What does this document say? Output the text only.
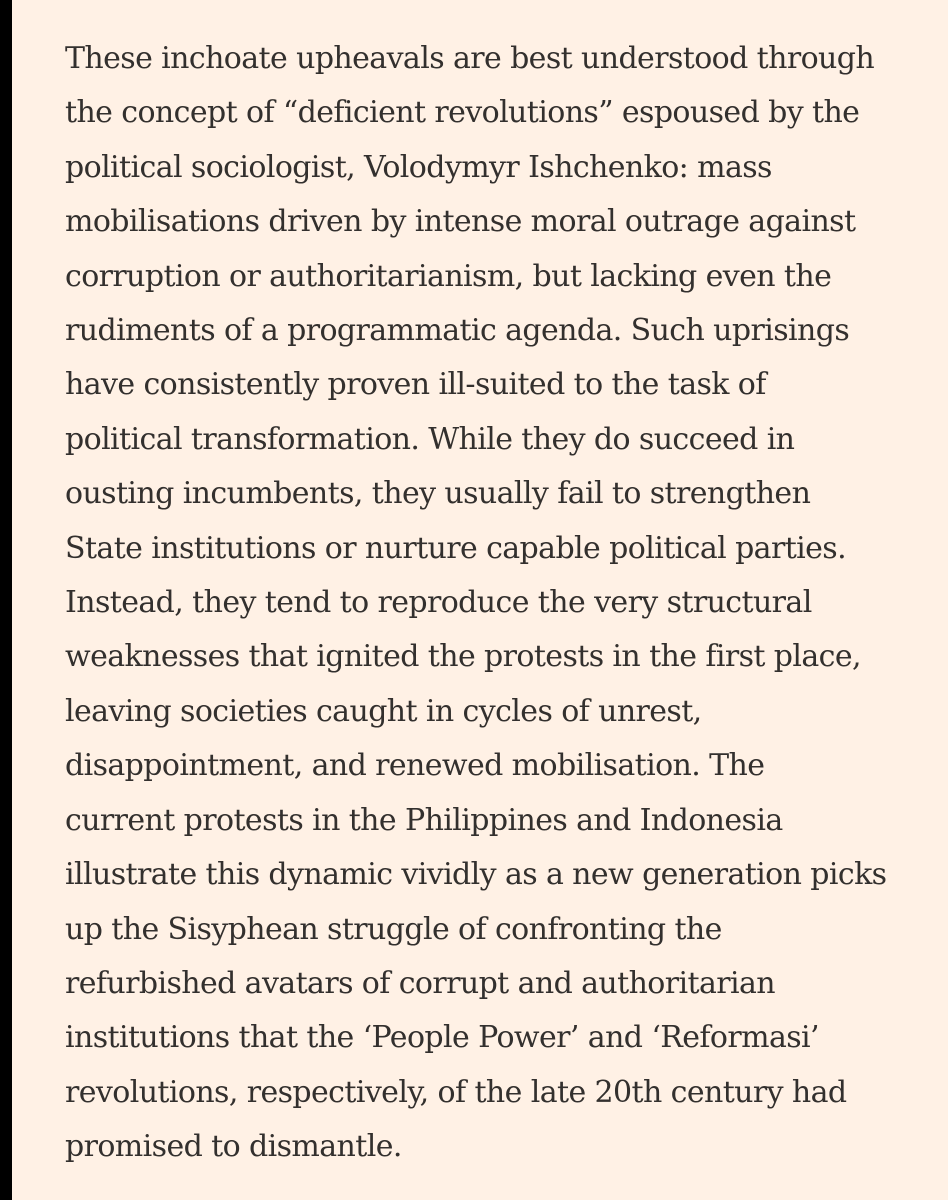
These inchoate upheavals are best understood through
the concept of “deficient revolutions” espoused by the
political sociologist, Volodymyr Ishchenko: mass
mobilisations driven by intense moral outrage against
corruption or authoritarianism, but lacking even the
rudiments of a programmatic agenda. Such uprisings
have consistently proven ill-suited to the task of
political transformation. While they do succeed in
ousting incumbents, they usually fail to strengthen
State institutions or nurture capable political parties.
Instead, they tend to reproduce the very structural
weaknesses that ignited the protests in the first place,
leaving societies caught in cycles of unrest,
disappointment, and renewed mobilisation. The
current protests in the Philippines and Indonesia
illustrate this dynamic vividly as a new generation picks
up the Sisyphean struggle of confronting the
refurbished avatars of corrupt and authoritarian
institutions that the ‘People Power’ and ‘Reformasi’
revolutions, respectively, of the late 20th century had
promised to dismantle.
